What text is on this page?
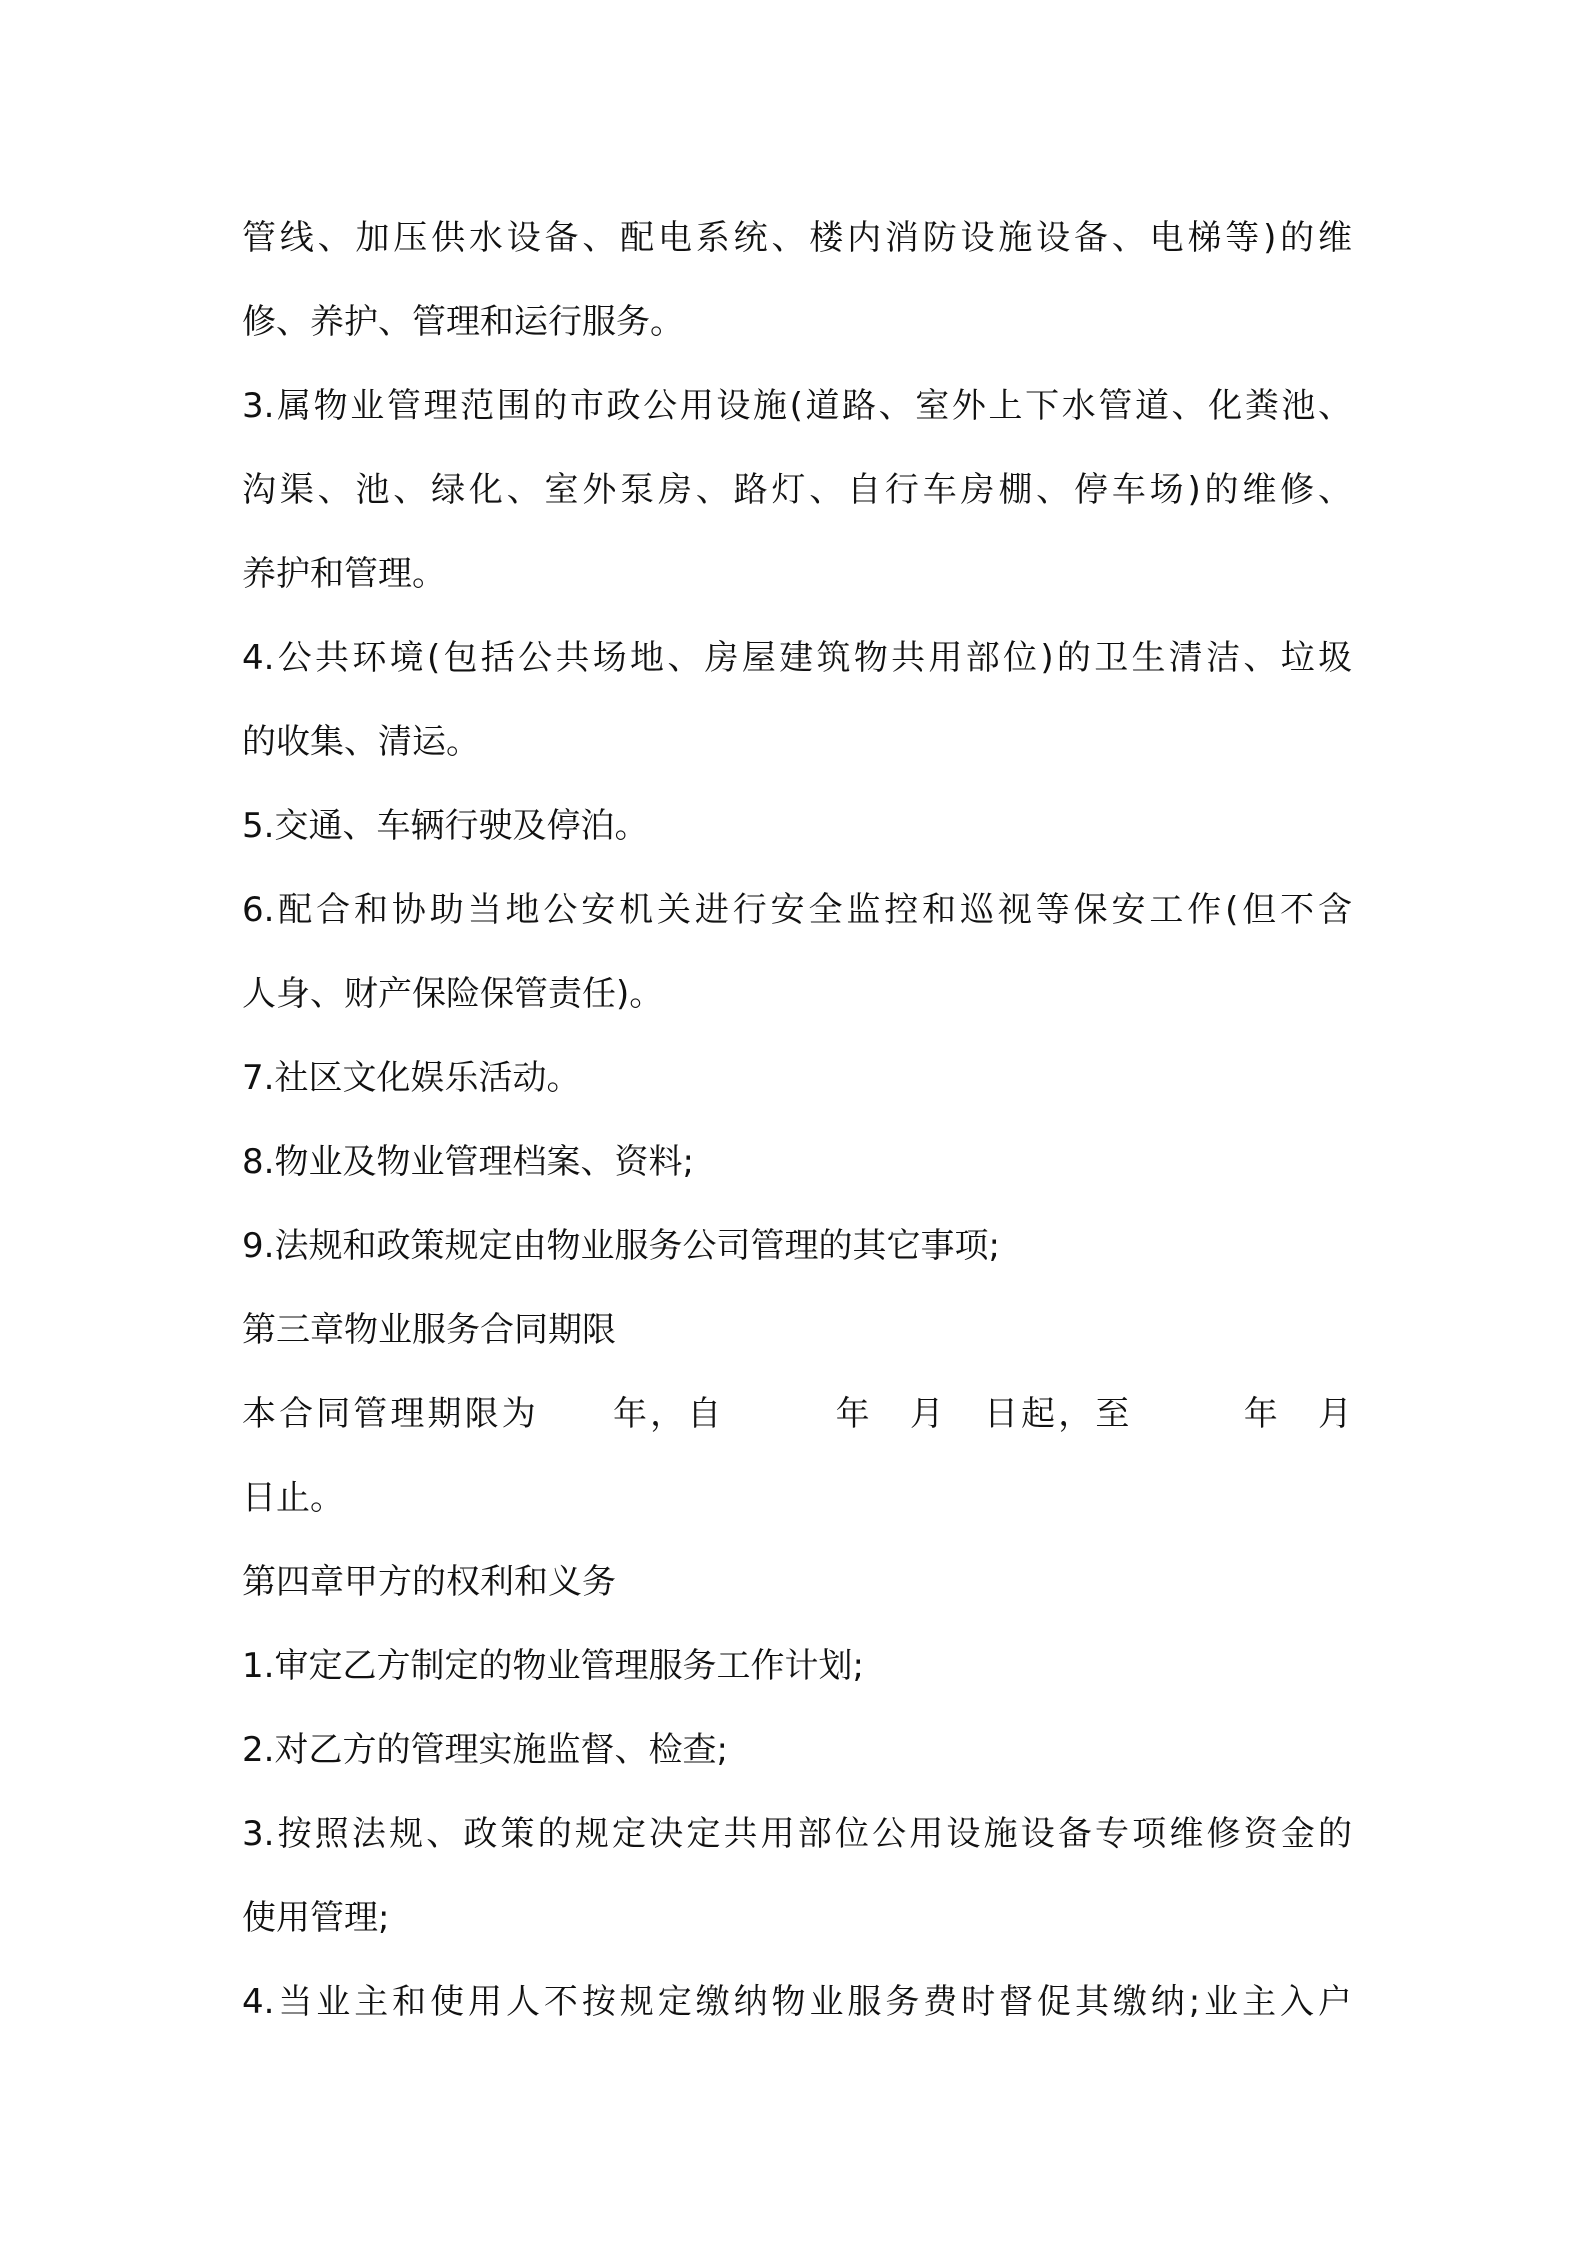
管线、加压供水设备、配电系统、楼内消防设施设备、电梯等)的维
修、养护、管理和运行服务。
3.属物业管理范围的市政公用设施(道路、室外上下水管道、化粪池、
沟渠、池、绿化、室外泵房、路灯、自行车房棚、停车场)的维修、
养护和管理。
4.公共环境(包括公共场地、房屋建筑物共用部位)的卫生清洁、垃圾
的收集、清运。
5.交通、车辆行驶及停泊。
6.配合和协助当地公安机关进行安全监控和巡视等保安工作(但不含
人身、财产保险保管责任)。
7.社区文化娱乐活动。
8.物业及物业管理档案、资料;
9.法规和政策规定由物业服务公司管理的其它事项;
第三章物业服务合同期限
本合同管理期限为　　年，自　　　年　月　日起，至　　　年　月
日止。
第四章甲方的权利和义务
1.审定乙方制定的物业管理服务工作计划;
2.对乙方的管理实施监督、检查;
3.按照法规、政策的规定决定共用部位公用设施设备专项维修资金的
使用管理;
4.当业主和使用人不按规定缴纳物业服务费时督促其缴纳;业主入户
